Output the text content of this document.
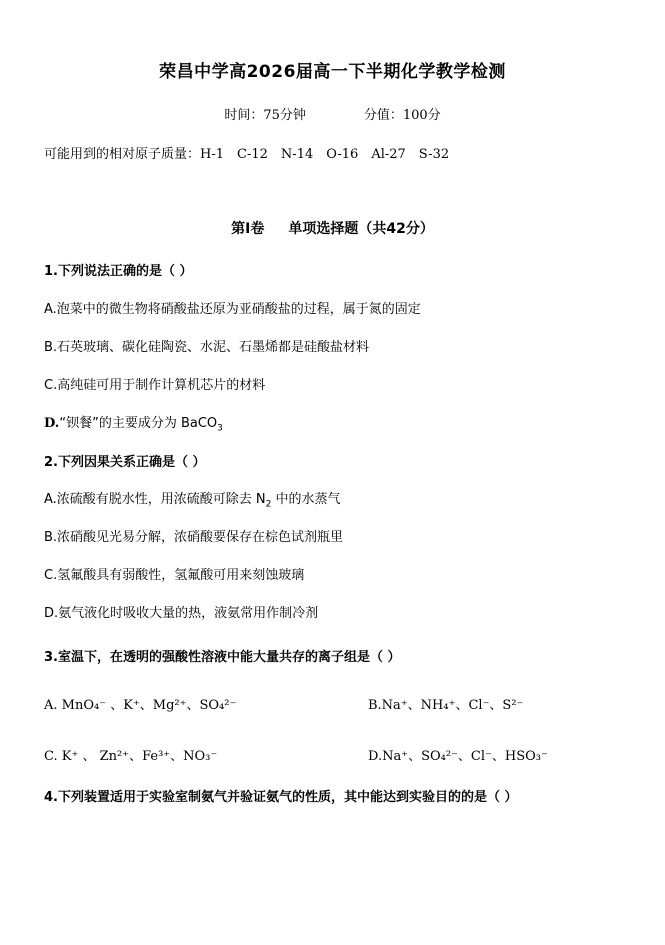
荣昌中学高2026届高一下半期化学教学检测
时间：75分钟	分值：100分
可能用到的相对原子质量：H-1 C-12 N-14 O-16 Al-27 S-32
第I卷 单项选择题（共42分）
1.下列说法正确的是（ ）
A.泡菜中的微生物将硝酸盐还原为亚硝酸盐的过程，属于氮的固定
B.石英玻璃、碳化硅陶瓷、水泥、石墨烯都是硅酸盐材料
C.高纯硅可用于制作计算机芯片的材料
D.“钡餐”的主要成分为 BaCO$_3$
2.下列因果关系正确是（ ）
A.浓硫酸有脱水性，用浓硫酸可除去 $N_2$ 中的水蒸气
B.浓硝酸见光易分解，浓硝酸要保存在棕色试剂瓶里
C.氢氟酸具有弱酸性，氢氟酸可用来刻蚀玻璃
D.氨气液化时吸收大量的热，液氨常用作制冷剂
3.室温下，在透明的强酸性溶液中能大量共存的离子组是（ ）
A. MnO₄⁻ 、K⁺、Mg²⁺、SO₄²⁻	B.Na⁺、NH₄⁺、Cl⁻、S²⁻
C. K⁺ 、 Zn²⁺、Fe³⁺、NO₃⁻	D.Na⁺、SO₄²⁻、Cl⁻、HSO₃⁻
4.下列装置适用于实验室制氨气并验证氨气的性质，其中能达到实验目的的是（ ）
